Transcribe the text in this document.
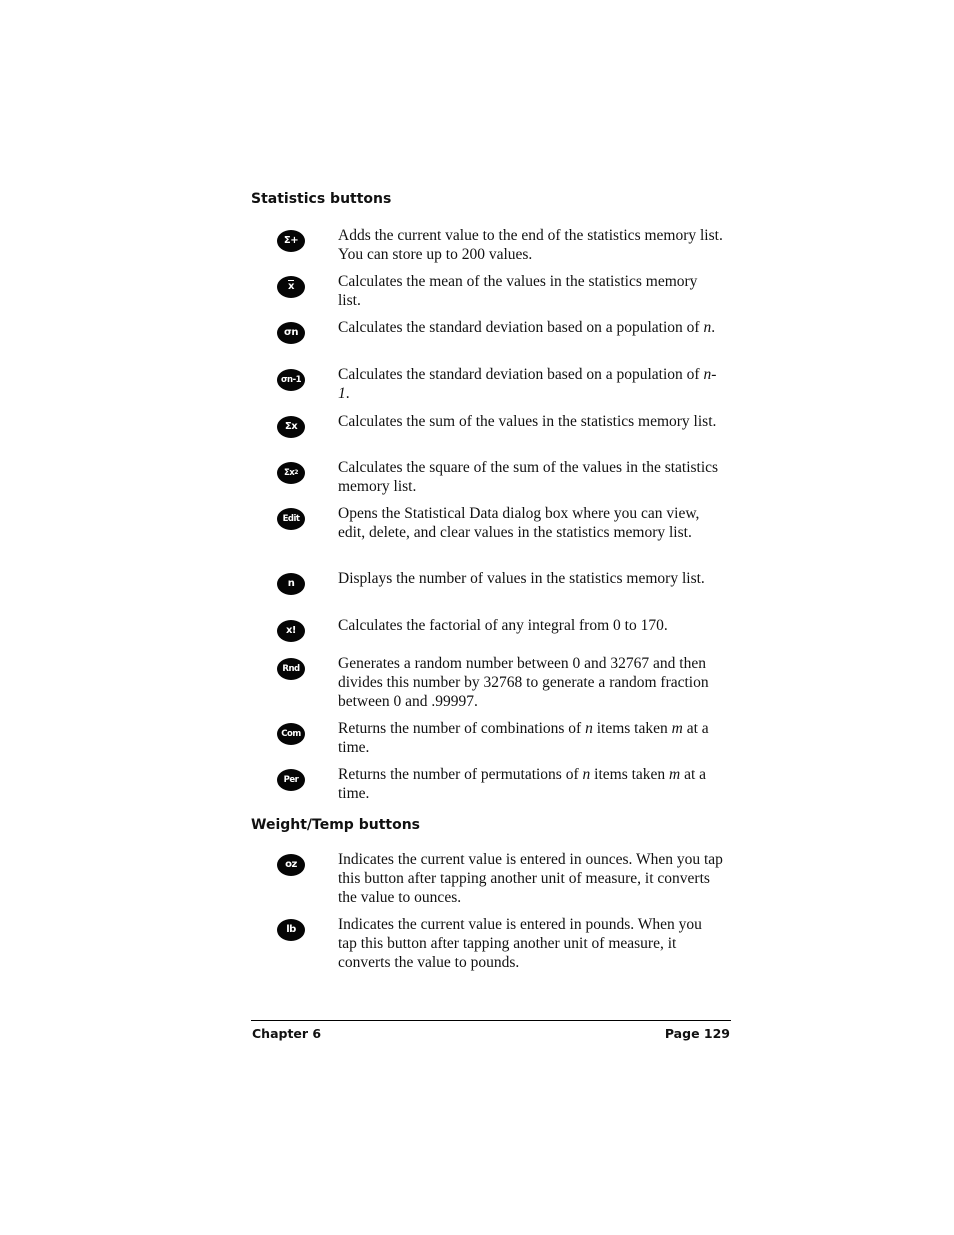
Statistics buttons
Σ+	Adds the current value to the end of the statistics memory list. You can store up to 200 values.

$\overline{x}$	Calculates the mean of the values in the statistics memory list.

σn	Calculates the standard deviation based on a population of n.

σn-1 Calculates the standard deviation based on a population of n-1.

Σx	Calculates the sum of the values in the statistics memory list.

Σx 2	Calculates the square of the sum of the values in the statistics memory list.

Edit	Opens the Statistical Data dialog box where you can view, edit, delete, and clear values in the statistics memory list.

n	Displays the number of values in the statistics memory list.

x!	Calculates the factorial of any integral from 0 to 170.

Rnd	Generates a random number between 0 and 32767 and then divides this number by 32768 to generate a random fraction between 0 and .99997.

Com Returns the number of combinations of n items taken m at a time.

Per	Returns the number of permutations of n items taken m at a time.

Weight/Temp buttons
oz	Indicates the current value is entered in ounces. When you tap this button after tapping another unit of measure, it converts the value to ounces.

lb	Indicates the current value is entered in pounds. When you tap this button after tapping another unit of measure, it converts the value to pounds.

Chapter 6	Page 129
